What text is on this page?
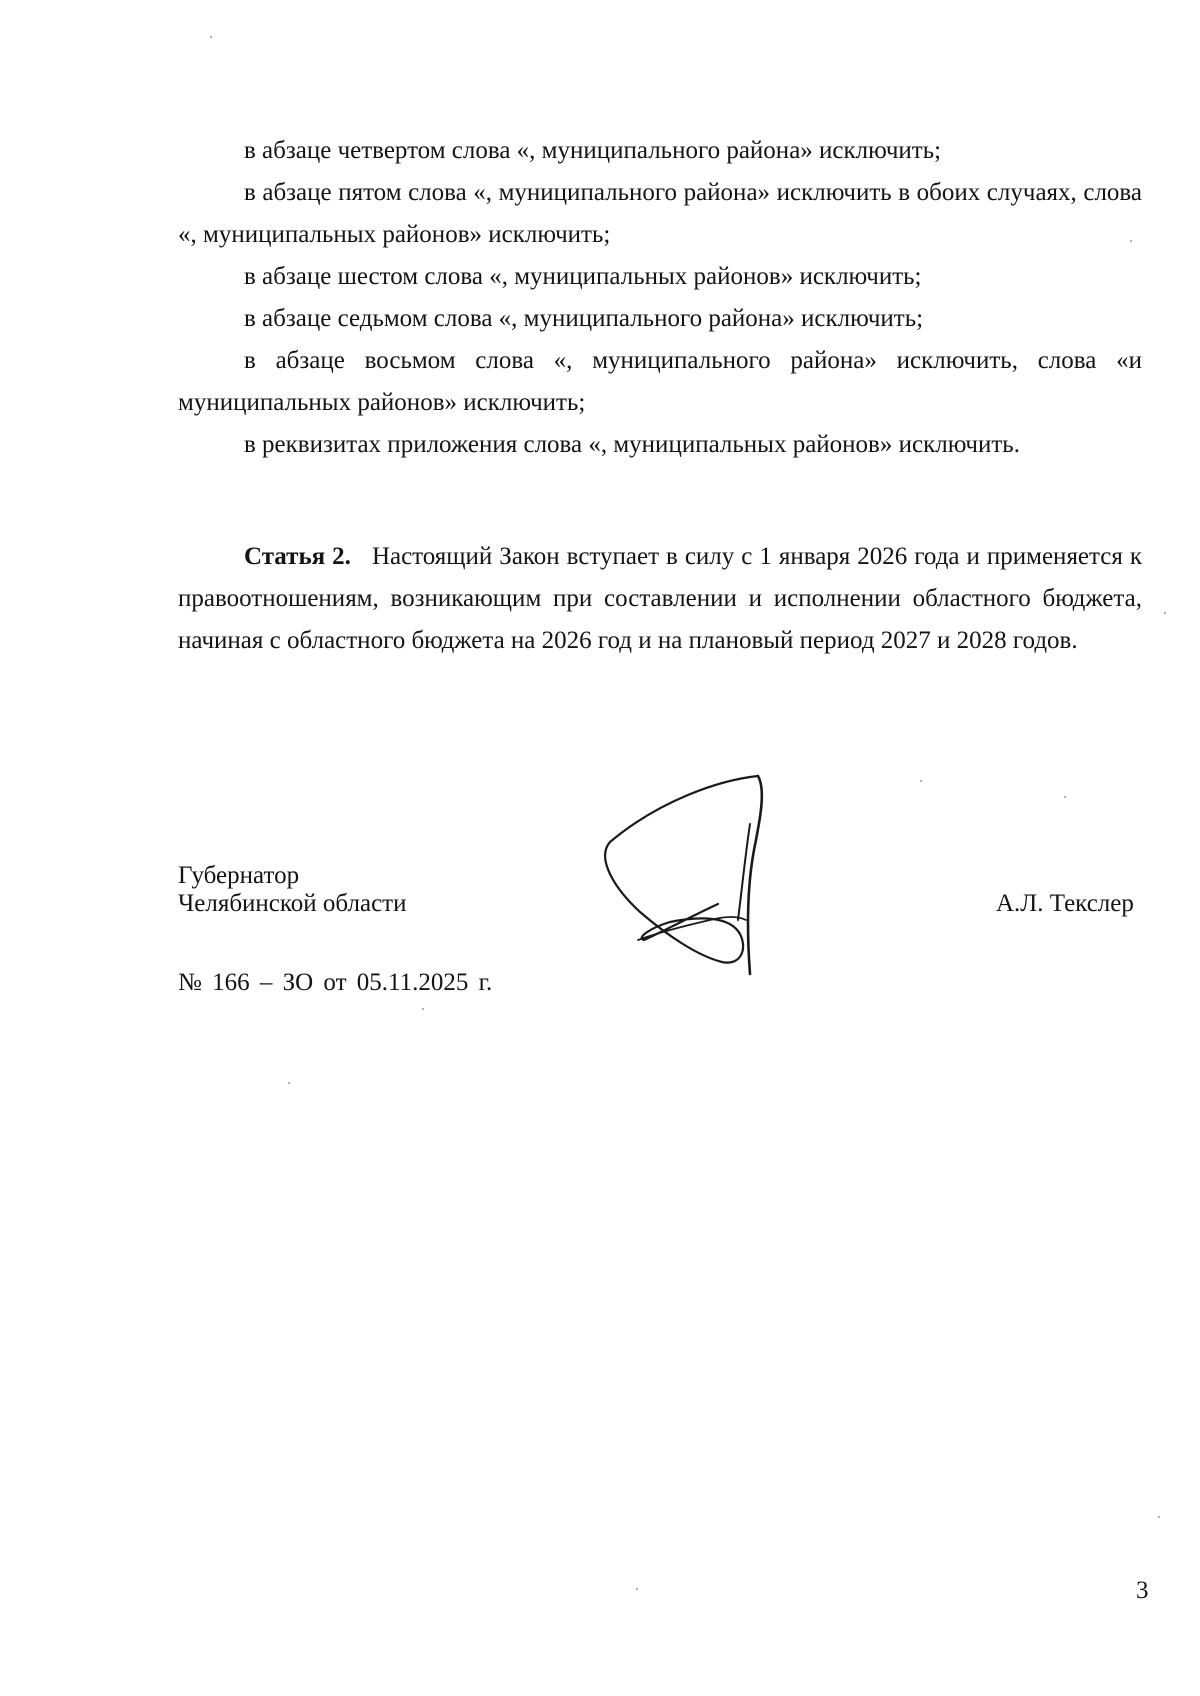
в абзаце четвертом слова «, муниципального района» исключить;

в абзаце пятом слова «, муниципального района» исключить в обоих случаях, слова «, муниципальных районов» исключить;

в абзаце шестом слова «, муниципальных районов» исключить;

в абзаце седьмом слова «, муниципального района» исключить;

в абзаце восьмом слова «, муниципального района» исключить, слова «и муниципальных районов» исключить;

в реквизитах приложения слова «, муниципальных районов» исключить.

Статья 2. Настоящий Закон вступает в силу с 1 января 2026 года и применяется к правоотношениям, возникающим при составлении и исполнении областного бюджета, начиная с областного бюджета на 2026 год и на плановый период 2027 и 2028 годов.

Губернатор
Челябинской области	А.Л. Текслер
№ 166 – ЗО от 05.11.2025 г.
3
